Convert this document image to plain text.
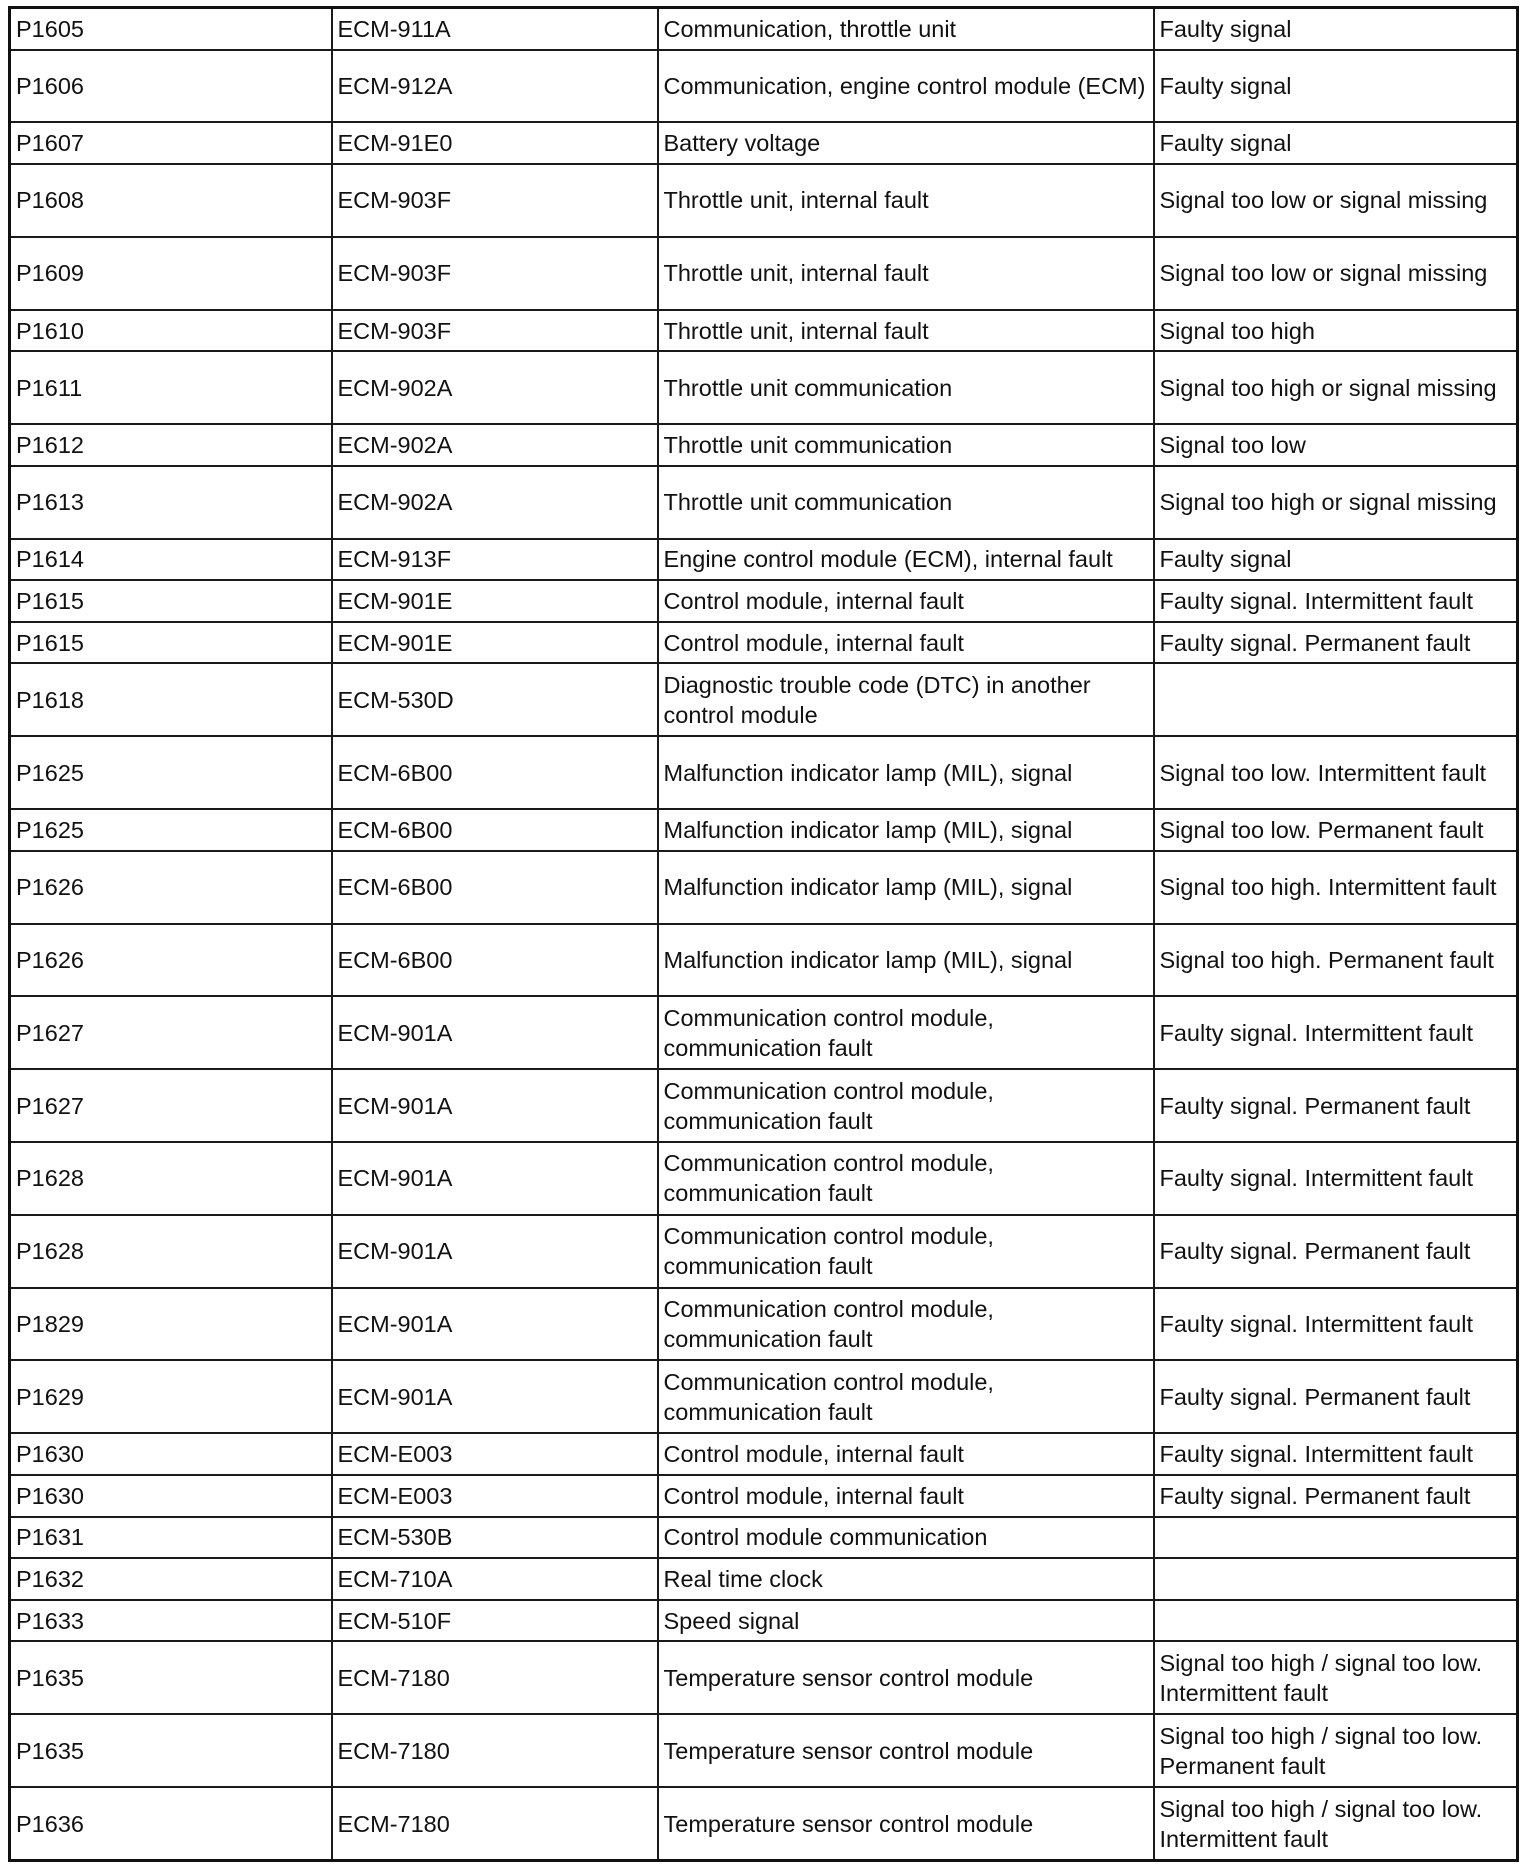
P1605	ECM-911A	Communication, throttle unit	Faulty signal
P1606	ECM-912A	Communication, engine control module (ECM)	Faulty signal
P1607	ECM-91E0	Battery voltage	Faulty signal
P1608	ECM-903F	Throttle unit, internal fault	Signal too low or signal missing
P1609	ECM-903F	Throttle unit, internal fault	Signal too low or signal missing
P1610	ECM-903F	Throttle unit, internal fault	Signal too high
P1611	ECM-902A	Throttle unit communication	Signal too high or signal missing
P1612	ECM-902A	Throttle unit communication	Signal too low
P1613	ECM-902A	Throttle unit communication	Signal too high or signal missing
P1614	ECM-913F	Engine control module (ECM), internal fault	Faulty signal
P1615	ECM-901E	Control module, internal fault	Faulty signal. Intermittent fault
P1615	ECM-901E	Control module, internal fault	Faulty signal. Permanent fault
P1618	ECM-530D	Diagnostic trouble code (DTC) in another control module	
P1625	ECM-6B00	Malfunction indicator lamp (MIL), signal	Signal too low. Intermittent fault
P1625	ECM-6B00	Malfunction indicator lamp (MIL), signal	Signal too low. Permanent fault
P1626	ECM-6B00	Malfunction indicator lamp (MIL), signal	Signal too high. Intermittent fault
P1626	ECM-6B00	Malfunction indicator lamp (MIL), signal	Signal too high. Permanent fault
P1627	ECM-901A	Communication control module, communication fault	Faulty signal. Intermittent fault
P1627	ECM-901A	Communication control module, communication fault	Faulty signal. Permanent fault
P1628	ECM-901A	Communication control module, communication fault	Faulty signal. Intermittent fault
P1628	ECM-901A	Communication control module, communication fault	Faulty signal. Permanent fault
P1829	ECM-901A	Communication control module, communication fault	Faulty signal. Intermittent fault
P1629	ECM-901A	Communication control module, communication fault	Faulty signal. Permanent fault
P1630	ECM-E003	Control module, internal fault	Faulty signal. Intermittent fault
P1630	ECM-E003	Control module, internal fault	Faulty signal. Permanent fault
P1631	ECM-530B	Control module communication	
P1632	ECM-710A	Real time clock	
P1633	ECM-510F	Speed signal	
P1635	ECM-7180	Temperature sensor control module	Signal too high / signal too low. Intermittent fault
P1635	ECM-7180	Temperature sensor control module	Signal too high / signal too low. Permanent fault
P1636	ECM-7180	Temperature sensor control module	Signal too high / signal too low. Intermittent fault
